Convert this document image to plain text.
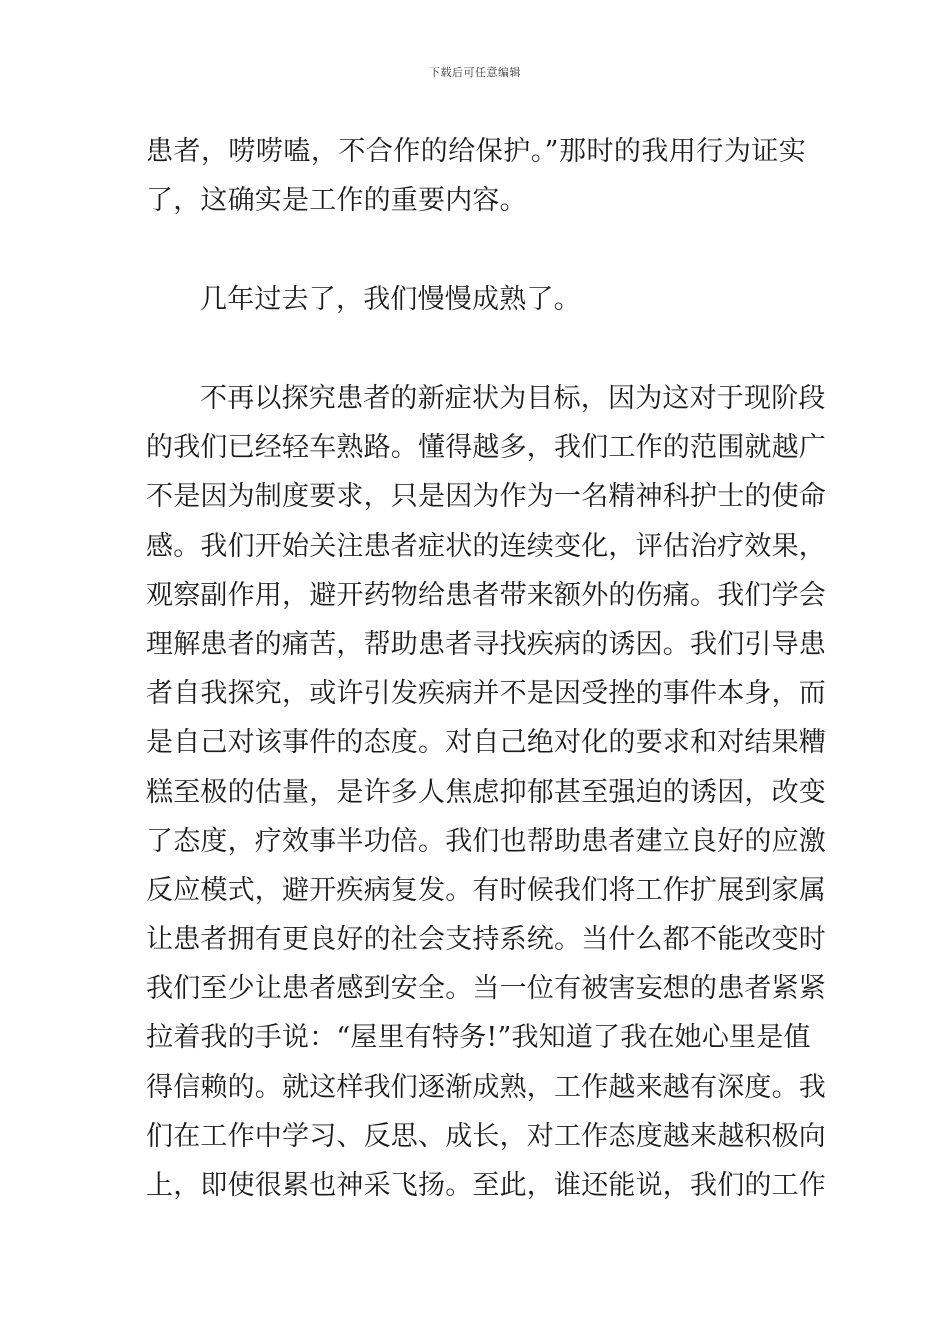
下载后可任意编辑
患者，唠唠嗑，不合作的给保护。”那时的我用行为证实
了，这确实是工作的重要内容。
几年过去了，我们慢慢成熟了。
不再以探究患者的新症状为目标，因为这对于现阶段
的我们已经轻车熟路。懂得越多，我们工作的范围就越广
不是因为制度要求，只是因为作为一名精神科护士的使命
感。我们开始关注患者症状的连续变化，评估治疗效果，
观察副作用，避开药物给患者带来额外的伤痛。我们学会
理解患者的痛苦，帮助患者寻找疾病的诱因。我们引导患
者自我探究，或许引发疾病并不是因受挫的事件本身，而
是自己对该事件的态度。对自己绝对化的要求和对结果糟
糕至极的估量，是许多人焦虑抑郁甚至强迫的诱因，改变
了态度，疗效事半功倍。我们也帮助患者建立良好的应激
反应模式，避开疾病复发。有时候我们将工作扩展到家属
让患者拥有更良好的社会支持系统。当什么都不能改变时
我们至少让患者感到安全。当一位有被害妄想的患者紧紧
拉着我的手说：“屋里有特务!”我知道了我在她心里是值
得信赖的。就这样我们逐渐成熟，工作越来越有深度。我
们在工作中学习、反思、成长，对工作态度越来越积极向
上，即使很累也神采飞扬。至此，谁还能说，我们的工作
